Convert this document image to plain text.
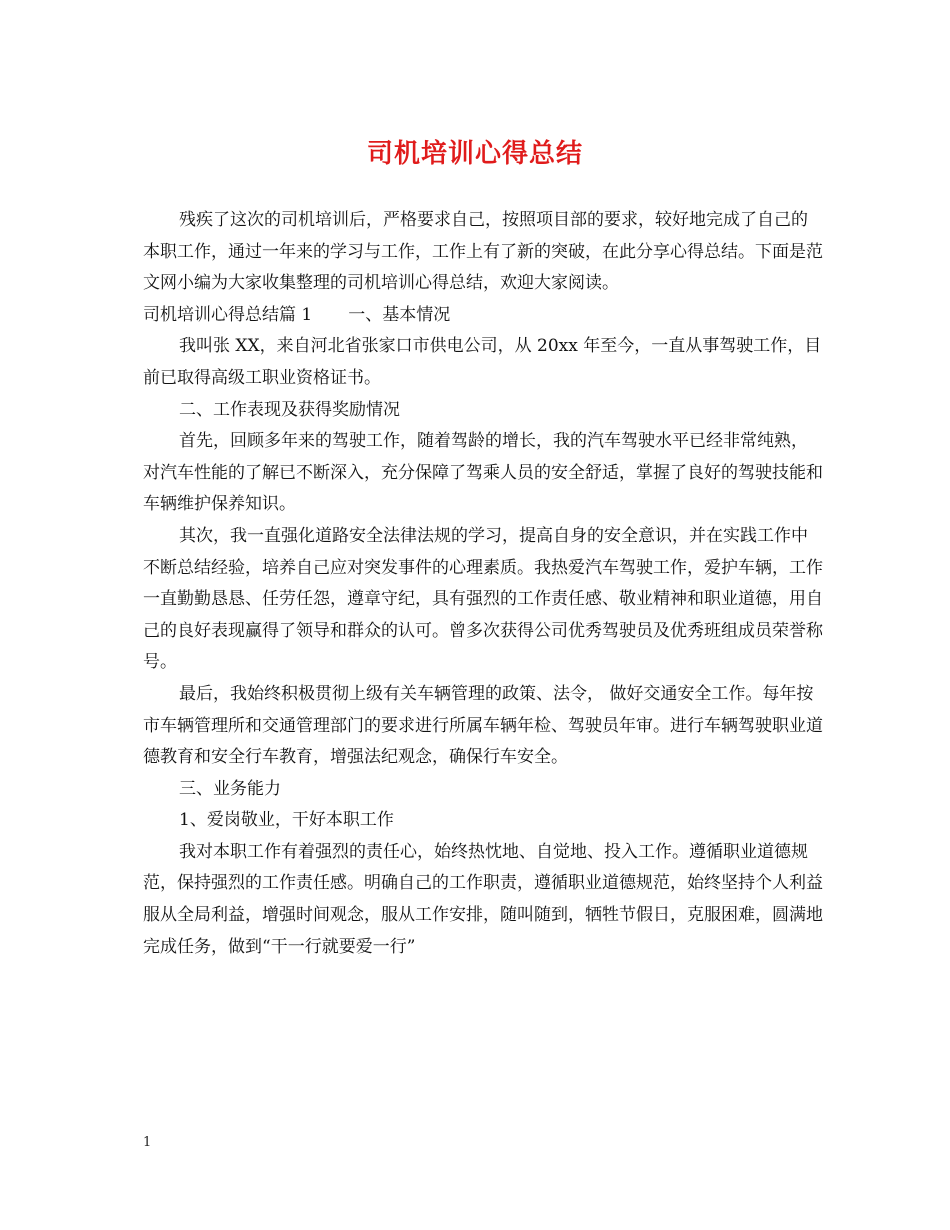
司机培训心得总结

残疾了这次的司机培训后，严格要求自己，按照项目部的要求，较好地完成了自己的本职工作，通过一年来的学习与工作，工作上有了新的突破，在此分享心得总结。下面是范文网小编为大家收集整理的司机培训心得总结，欢迎大家阅读。

司机培训心得总结篇 1 一、基本情况

我叫张 XX，来自河北省张家口市供电公司，从 20xx 年至今，一直从事驾驶工作，目前已取得高级工职业资格证书。

二、工作表现及获得奖励情况

首先，回顾多年来的驾驶工作，随着驾龄的增长，我的汽车驾驶水平已经非常纯熟，对汽车性能的了解已不断深入，充分保障了驾乘人员的安全舒适，掌握了良好的驾驶技能和车辆维护保养知识。

其次，我一直强化道路安全法律法规的学习，提高自身的安全意识，并在实践工作中不断总结经验，培养自己应对突发事件的心理素质。我热爱汽车驾驶工作，爱护车辆，工作一直勤勤恳恳、任劳任怨，遵章守纪，具有强烈的工作责任感、敬业精神和职业道德，用自己的良好表现赢得了领导和群众的认可。曾多次获得公司优秀驾驶员及优秀班组成员荣誉称号。

最后，我始终积极贯彻上级有关车辆管理的政策、法令， 做好交通安全工作。每年按市车辆管理所和交通管理部门的要求进行所属车辆年检、驾驶员年审。进行车辆驾驶职业道德教育和安全行车教育，增强法纪观念，确保行车安全。

三、业务能力

1、爱岗敬业，干好本职工作

我对本职工作有着强烈的责任心，始终热忱地、自觉地、投入工作。遵循职业道德规范，保持强烈的工作责任感。明确自己的工作职责，遵循职业道德规范，始终坚持个人利益服从全局利益，增强时间观念，服从工作安排，随叫随到，牺牲节假日，克服困难，圆满地完成任务，做到“干一行就要爱一行”

1
